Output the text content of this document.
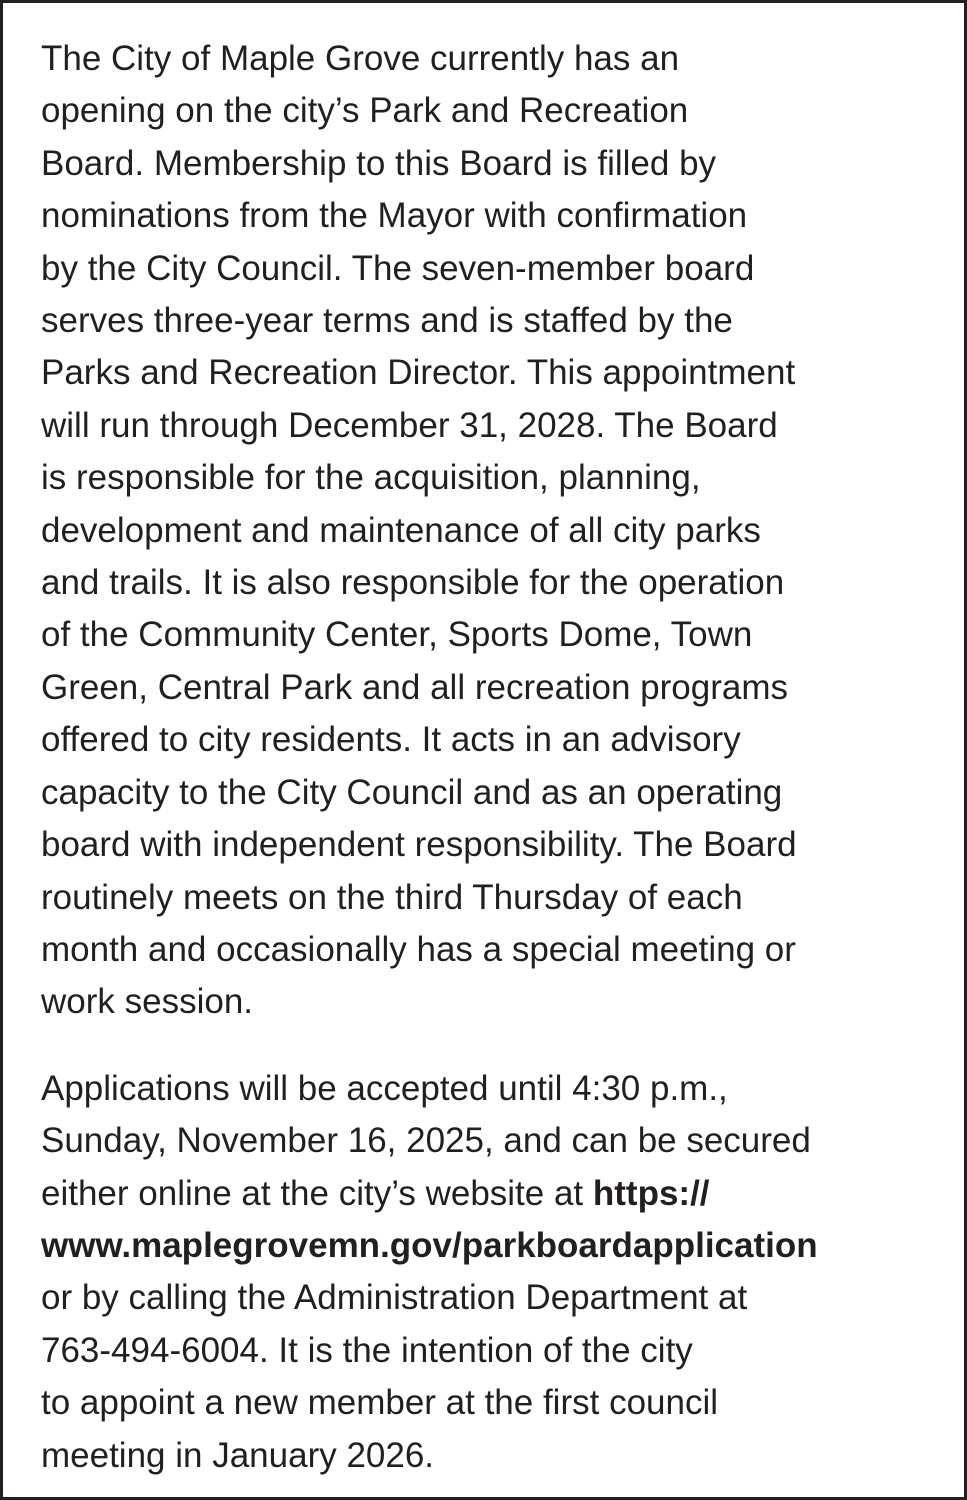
The City of Maple Grove currently has an
opening on the city’s Park and Recreation
Board. Membership to this Board is filled by
nominations from the Mayor with confirmation
by the City Council. The seven-member board
serves three-year terms and is staffed by the
Parks and Recreation Director. This appointment
will run through December 31, 2028. The Board
is responsible for the acquisition, planning,
development and maintenance of all city parks
and trails. It is also responsible for the operation
of the Community Center, Sports Dome, Town
Green, Central Park and all recreation programs
offered to city residents. It acts in an advisory
capacity to the City Council and as an operating
board with independent responsibility. The Board
routinely meets on the third Thursday of each
month and occasionally has a special meeting or
work session.

Applications will be accepted until 4:30 p.m.,
Sunday, November 16, 2025, and can be secured
either online at the city’s website at https://
www.maplegrovemn.gov/parkboardapplication
or by calling the Administration Department at
763-494-6004. It is the intention of the city
to appoint a new member at the first council
meeting in January 2026.
